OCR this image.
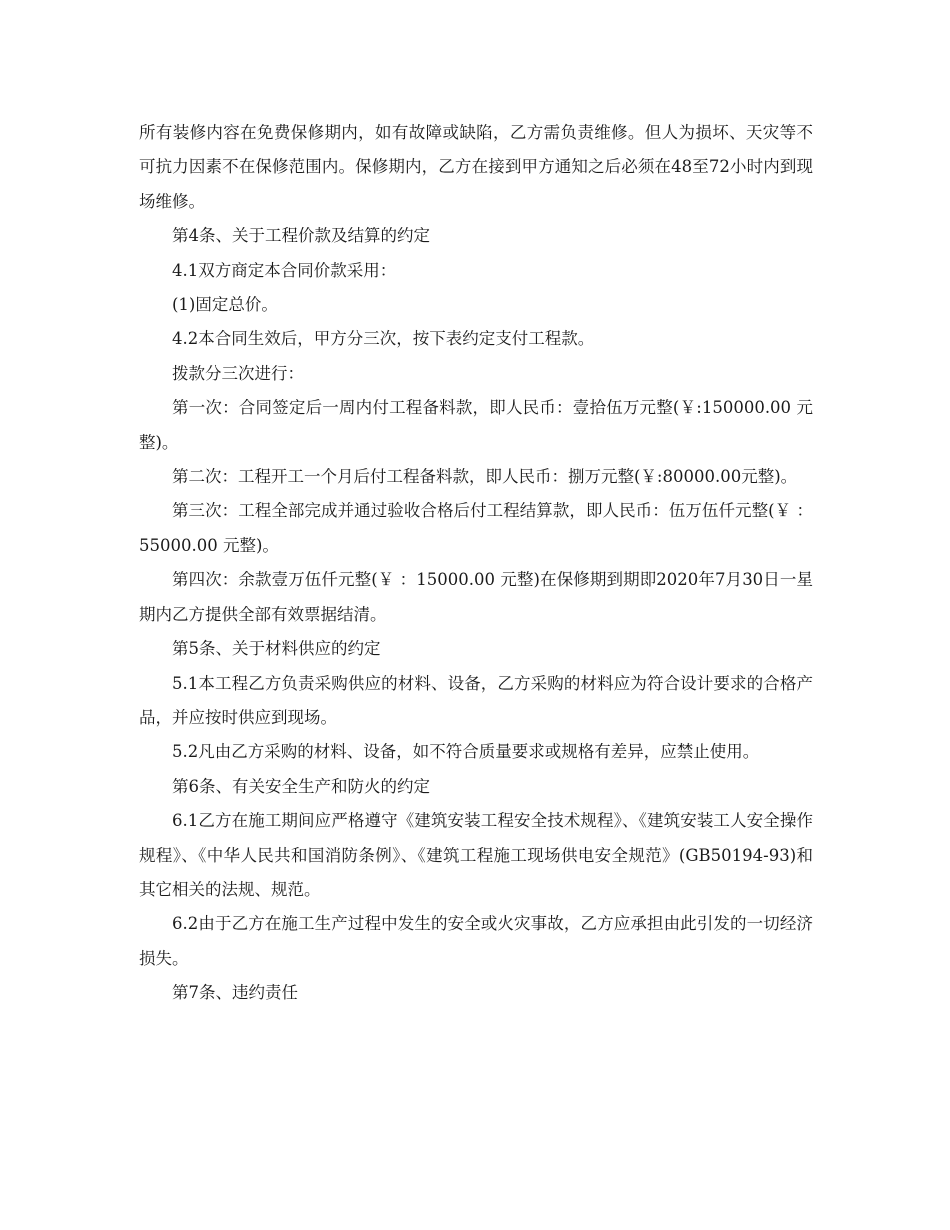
所有装修内容在免费保修期内，如有故障或缺陷，乙方需负责维修。但人为损坏、天灾等不可抗力因素不在保修范围内。保修期内，乙方在接到甲方通知之后必须在48至72小时内到现场维修。

第4条、关于工程价款及结算的约定

4.1双方商定本合同价款采用：

(1)固定总价。

4.2本合同生效后，甲方分三次，按下表约定支付工程款。

拨款分三次进行：

第一次：合同签定后一周内付工程备料款，即人民币：壹拾伍万元整(￥:150000.00 元整)。

第二次：工程开工一个月后付工程备料款，即人民币：捌万元整(￥:80000.00元整)。

第三次：工程全部完成并通过验收合格后付工程结算款，即人民币：伍万伍仟元整(￥ ：55000.00 元整)。

第四次：余款壹万伍仟元整(￥ ：15000.00 元整)在保修期到期即2020年7月30日一星期内乙方提供全部有效票据结清。

第5条、关于材料供应的约定

5.1本工程乙方负责采购供应的材料、设备，乙方采购的材料应为符合设计要求的合格产品，并应按时供应到现场。

5.2凡由乙方采购的材料、设备，如不符合质量要求或规格有差异，应禁止使用。

第6条、有关安全生产和防火的约定

6.1乙方在施工期间应严格遵守《建筑安装工程安全技术规程》、《建筑安装工人安全操作规程》、《中华人民共和国消防条例》、《建筑工程施工现场供电安全规范》(GB50194-93)和其它相关的法规、规范。

6.2由于乙方在施工生产过程中发生的安全或火灾事故，乙方应承担由此引发的一切经济损失。

第7条、违约责任
